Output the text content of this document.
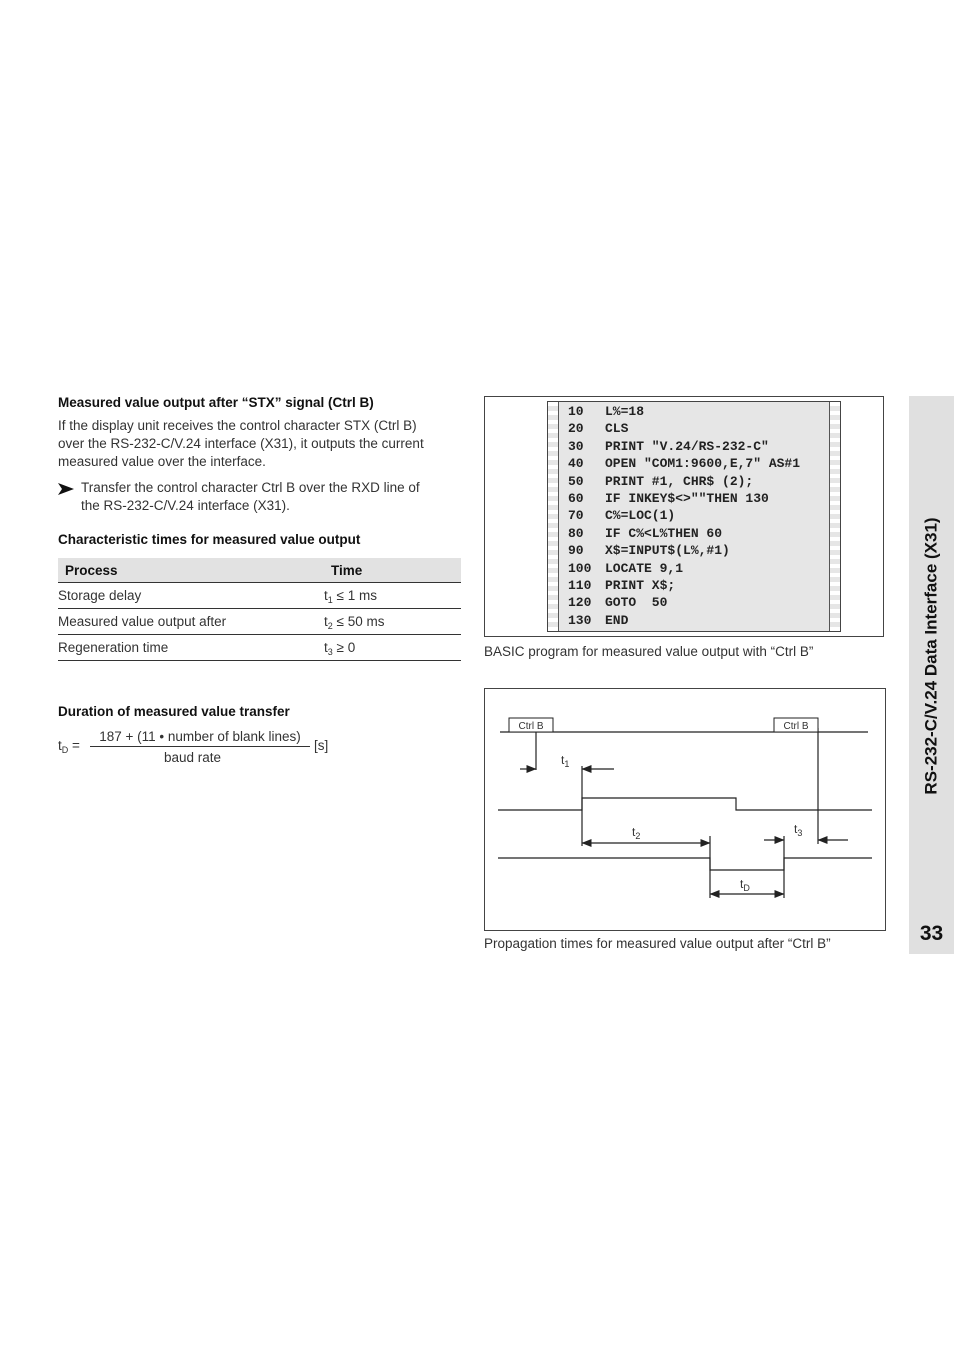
Measured value output after “STX” signal (Ctrl B)
If the display unit receives the control character STX (Ctrl B)
over the RS-232-C/V.24 interface (X31), it outputs the current
measured value over the interface.
Transfer the control character Ctrl B over the RXD line of
the RS-232-C/V.24 interface (X31).
Characteristic times for measured value output
Process	Time
Storage delay	$t_1 \le 1$ ms
Measured value output after	$t_2 \le 50$ ms
Regeneration time	$t_3 \ge 0$
Duration of measured value transfer
$t_D$ =
187 + (11 • number of blank lines)
baud rate
[s]
10 L%=18
20 CLS
30 PRINT "V.24/RS-232-C"
40 OPEN "COM1:9600,E,7" AS#1
50 PRINT #1, CHR$ (2);
60 IF INKEY$<>""THEN 130
70 C%=LOC(1)
80 IF C%<L%THEN 60
90 X$=INPUT$(L%,#1)
100 LOCATE 9,1
110 PRINT X$;
120 GOTO  50
130 END
BASIC program for measured value output with “Ctrl B”
Ctrl B	Ctrl B
$t_1$
$t_2$	$t_3$
$t_D$
Propagation times for measured value output after “Ctrl B”
RS-232-C/V.24 Data Interface (X31)
33
